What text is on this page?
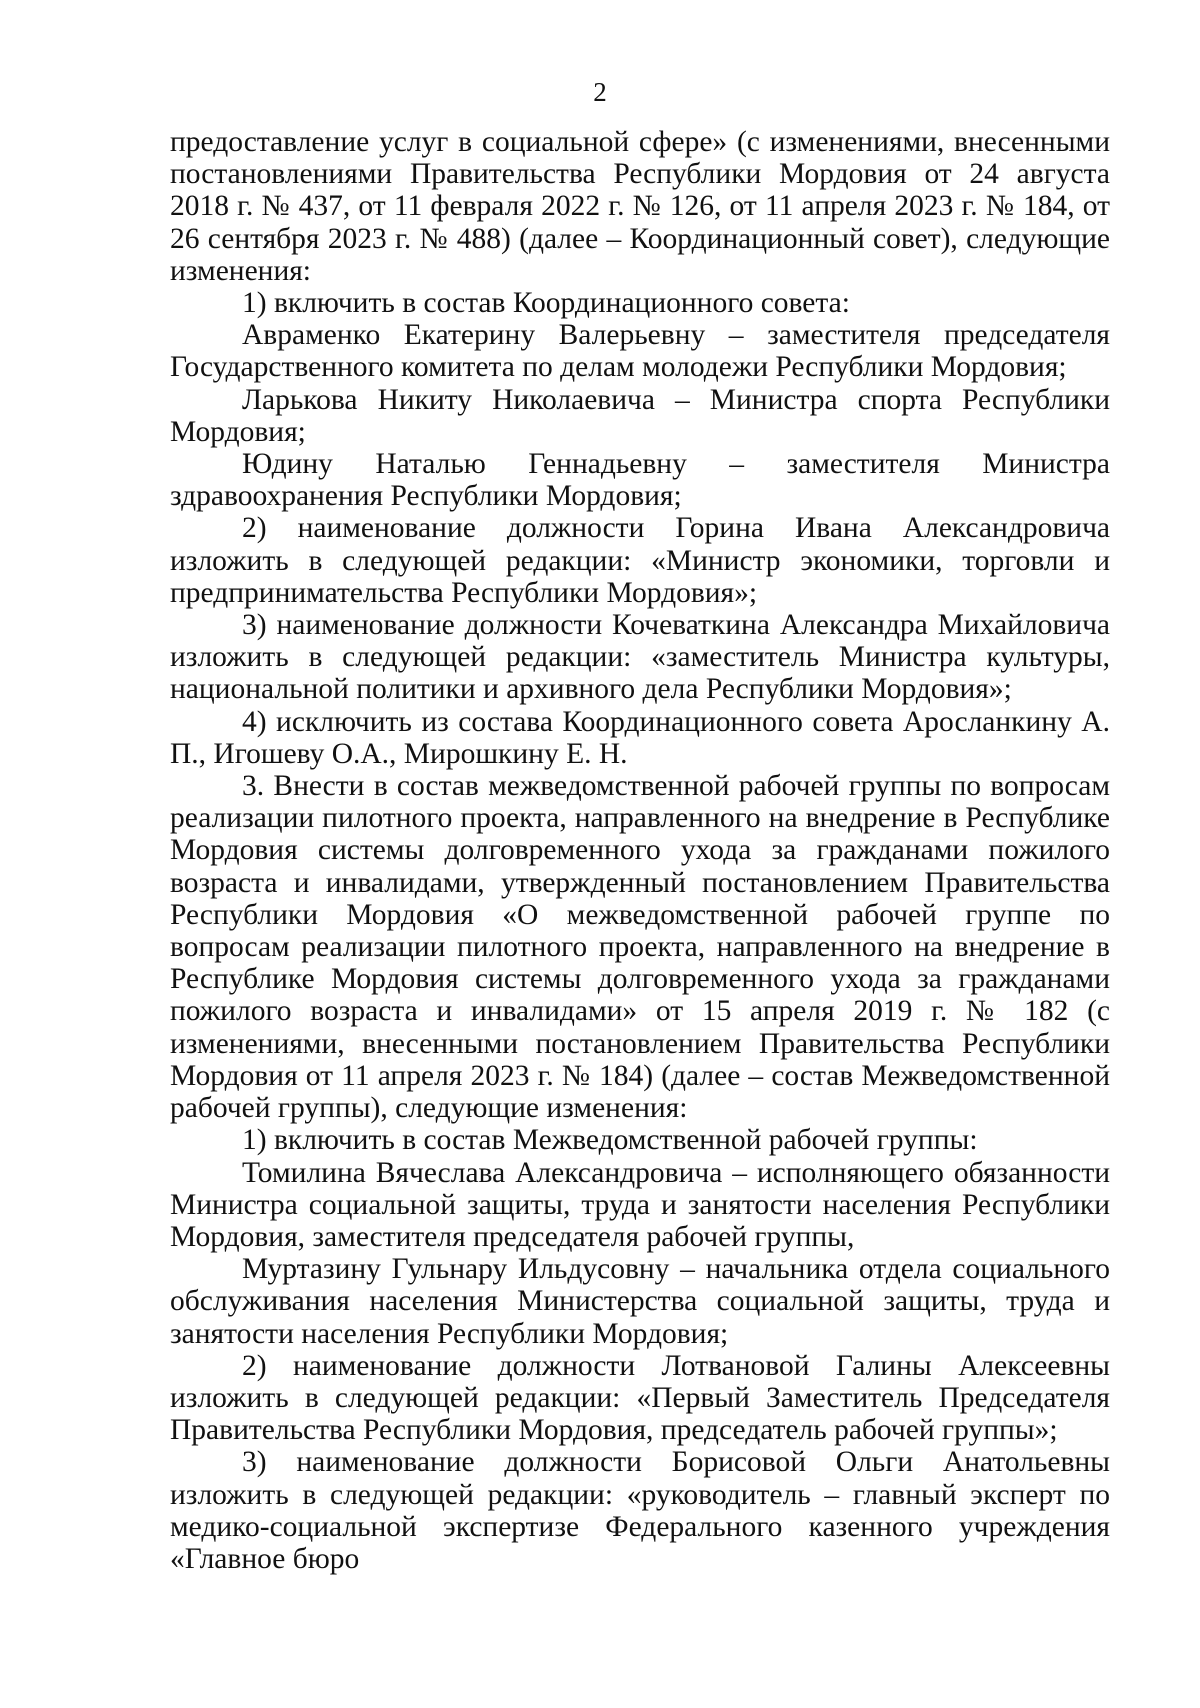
2

предоставление услуг в социальной сфере» (с изменениями, внесенными постановлениями Правительства Республики Мордовия от 24 августа 2018 г. № 437, от 11 февраля 2022 г. № 126, от 11 апреля 2023 г. № 184, от 26 сентября 2023 г. № 488) (далее – Координационный совет), следующие изменения:

1) включить в состав Координационного совета:

Авраменко Екатерину Валерьевну – заместителя председателя Государственного комитета по делам молодежи Республики Мордовия;

Ларькова Никиту Николаевича – Министра спорта Республики Мордовия;

Юдину Наталью Геннадьевну – заместителя Министра здравоохранения Республики Мордовия;

2) наименование должности Горина Ивана Александровича изложить в следующей редакции: «Министр экономики, торговли и предпринимательства Республики Мордовия»;

3) наименование должности Кочеваткина Александра Михайловича изложить в следующей редакции: «заместитель Министра культуры, национальной политики и архивного дела Республики Мордовия»;

4) исключить из состава Координационного совета Аросланкину А. П., Игошеву О.А., Мирошкину Е. Н.

3. Внести в состав межведомственной рабочей группы по вопросам реализации пилотного проекта, направленного на внедрение в Республике Мордовия системы долговременного ухода за гражданами пожилого возраста и инвалидами, утвержденный постановлением Правительства Республики Мордовия «О межведомственной рабочей группе по вопросам реализации пилотного проекта, направленного на внедрение в Республике Мордовия системы долговременного ухода за гражданами пожилого возраста и инвалидами» от 15 апреля 2019 г. № 182 (с изменениями, внесенными постановлением Правительства Республики Мордовия от 11 апреля 2023 г. № 184) (далее – состав Межведомственной рабочей группы), следующие изменения:

1) включить в состав Межведомственной рабочей группы:

Томилина Вячеслава Александровича – исполняющего обязанности Министра социальной защиты, труда и занятости населения Республики Мордовия, заместителя председателя рабочей группы,

Муртазину Гульнару Ильдусовну – начальника отдела социального обслуживания населения Министерства социальной защиты, труда и занятости населения Республики Мордовия;

2) наименование должности Лотвановой Галины Алексеевны изложить в следующей редакции: «Первый Заместитель Председателя Правительства Республики Мордовия, председатель рабочей группы»;

3) наименование должности Борисовой Ольги Анатольевны изложить в следующей редакции: «руководитель – главный эксперт по медико-социальной экспертизе Федерального казенного учреждения «Главное бюро
